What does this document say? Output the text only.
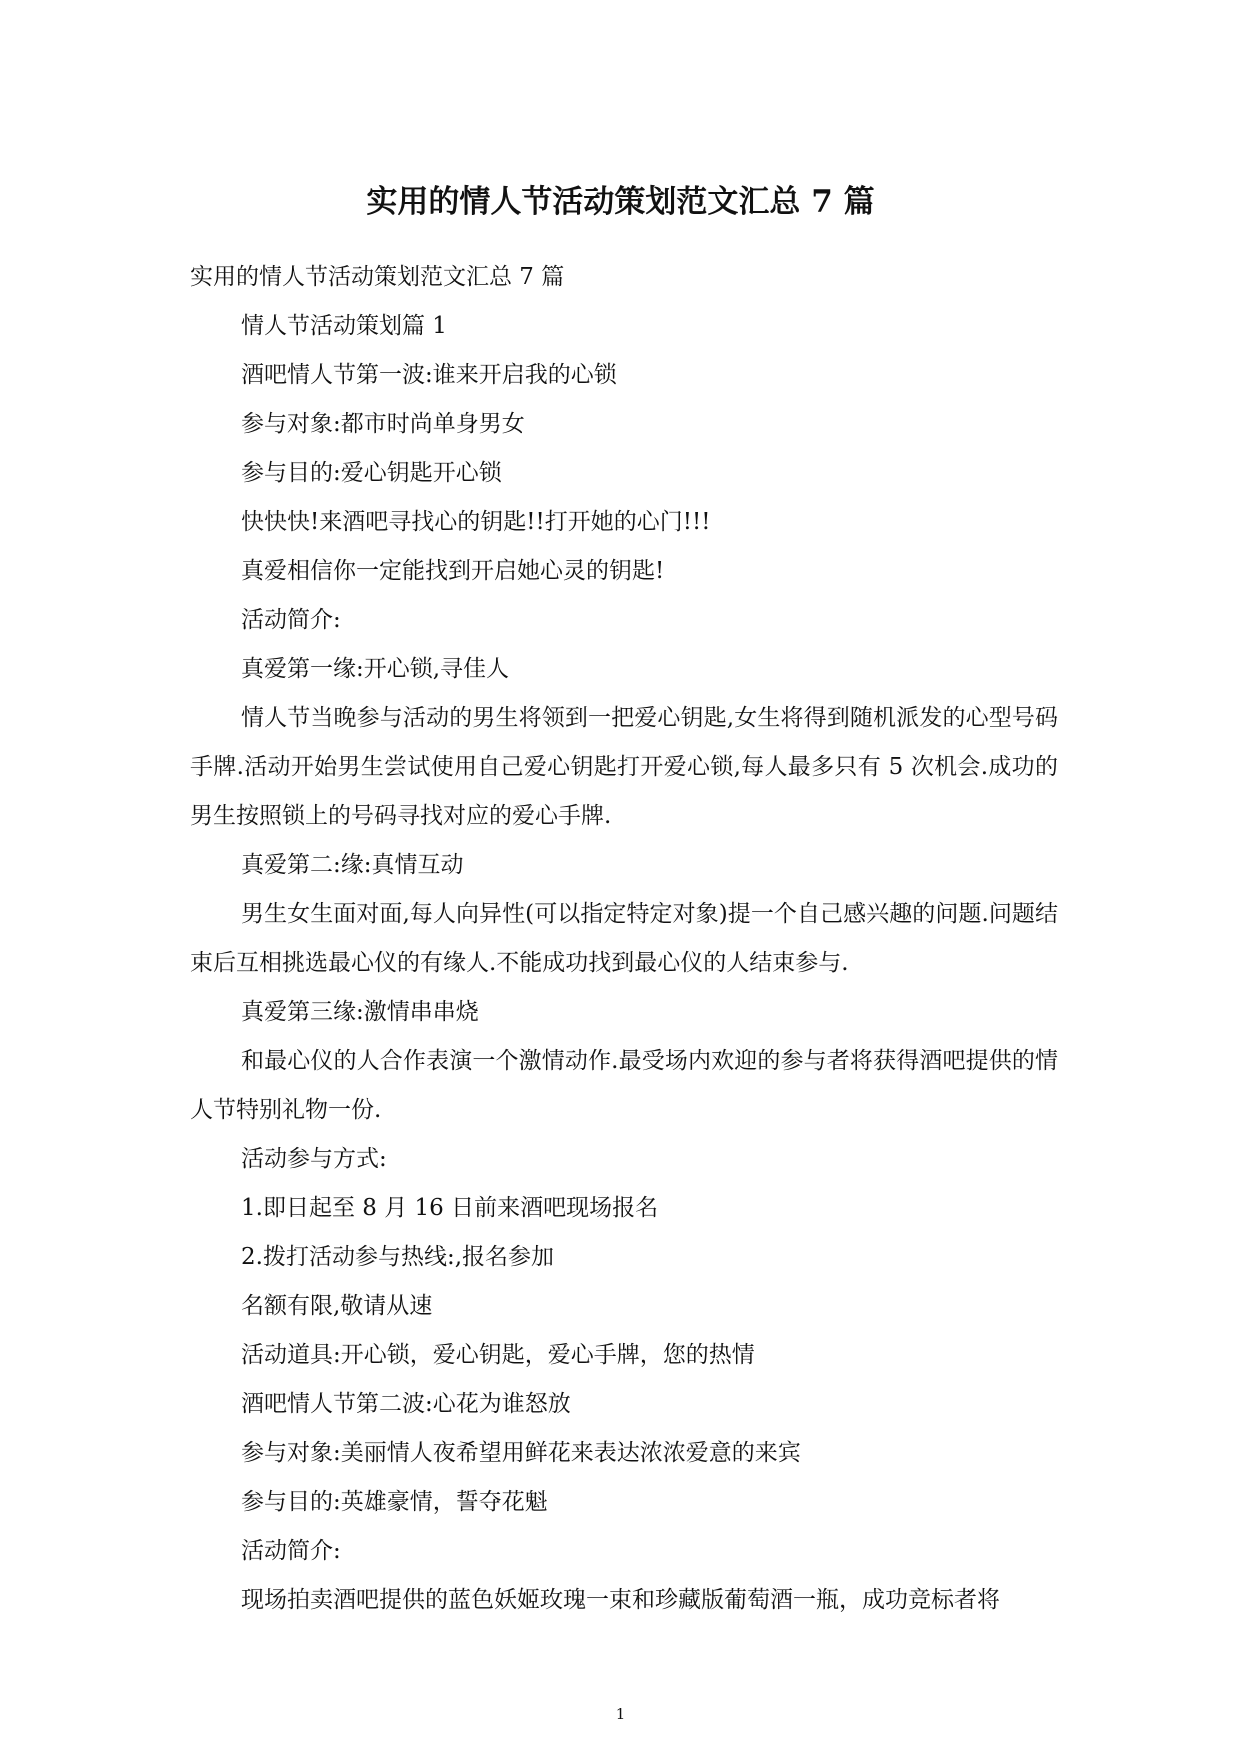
实用的情人节活动策划范文汇总 7 篇

实用的情人节活动策划范文汇总 7 篇

情人节活动策划篇 1

酒吧情人节第一波:谁来开启我的心锁

参与对象:都市时尚单身男女

参与目的:爱心钥匙开心锁

快快快!来酒吧寻找心的钥匙!!打开她的心门!!!

真爱相信你一定能找到开启她心灵的钥匙!

活动简介:

真爱第一缘:开心锁,寻佳人

情人节当晚参与活动的男生将领到一把爱心钥匙,女生将得到随机派发的心型号码手牌.活动开始男生尝试使用自己爱心钥匙打开爱心锁,每人最多只有 5 次机会.成功的男生按照锁上的号码寻找对应的爱心手牌.

真爱第二:缘:真情互动

男生女生面对面,每人向异性(可以指定特定对象)提一个自己感兴趣的问题.问题结束后互相挑选最心仪的有缘人.不能成功找到最心仪的人结束参与.

真爱第三缘:激情串串烧

和最心仪的人合作表演一个激情动作.最受场内欢迎的参与者将获得酒吧提供的情人节特别礼物一份.

活动参与方式:

1.即日起至 8 月 16 日前来酒吧现场报名

2.拨打活动参与热线:,报名参加

名额有限,敬请从速

活动道具:开心锁，爱心钥匙，爱心手牌，您的热情

酒吧情人节第二波:心花为谁怒放

参与对象:美丽情人夜希望用鲜花来表达浓浓爱意的来宾

参与目的:英雄豪情，誓夺花魁

活动简介:

现场拍卖酒吧提供的蓝色妖姬玫瑰一束和珍藏版葡萄酒一瓶，成功竞标者将

1
